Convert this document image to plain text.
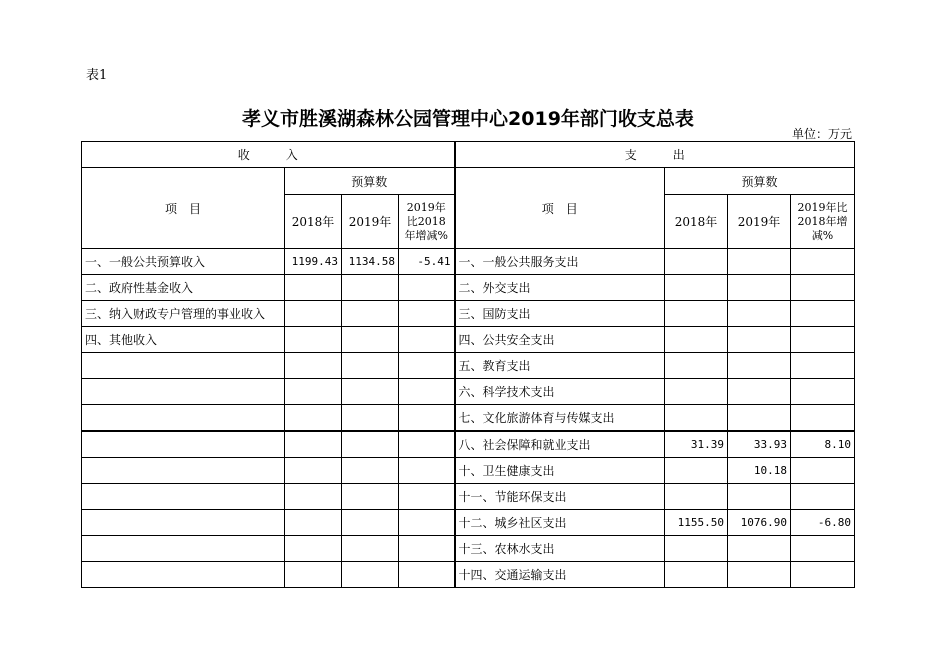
表1
孝义市胜溪湖森林公园管理中心2019年部门收支总表
单位：万元
收　　　入				支　　　出			
项　目	预算数			项　目	预算数		
	2018年	2019年	2019年比2018年增减%		2018年	2019年	2019年比2018年增减%
一、一般公共预算收入	1199.43	1134.58	-5.41	一、一般公共服务支出			
二、政府性基金收入				二、外交支出			
三、纳入财政专户管理的事业收入				三、国防支出			
四、其他收入				四、公共安全支出			
				五、教育支出			
				六、科学技术支出			
				七、文化旅游体育与传媒支出			
				八、社会保障和就业支出	31.39	33.93	8.10
				十、卫生健康支出		10.18	
				十一、节能环保支出			
				十二、城乡社区支出	1155.50	1076.90	-6.80
				十三、农林水支出			
				十四、交通运输支出			
